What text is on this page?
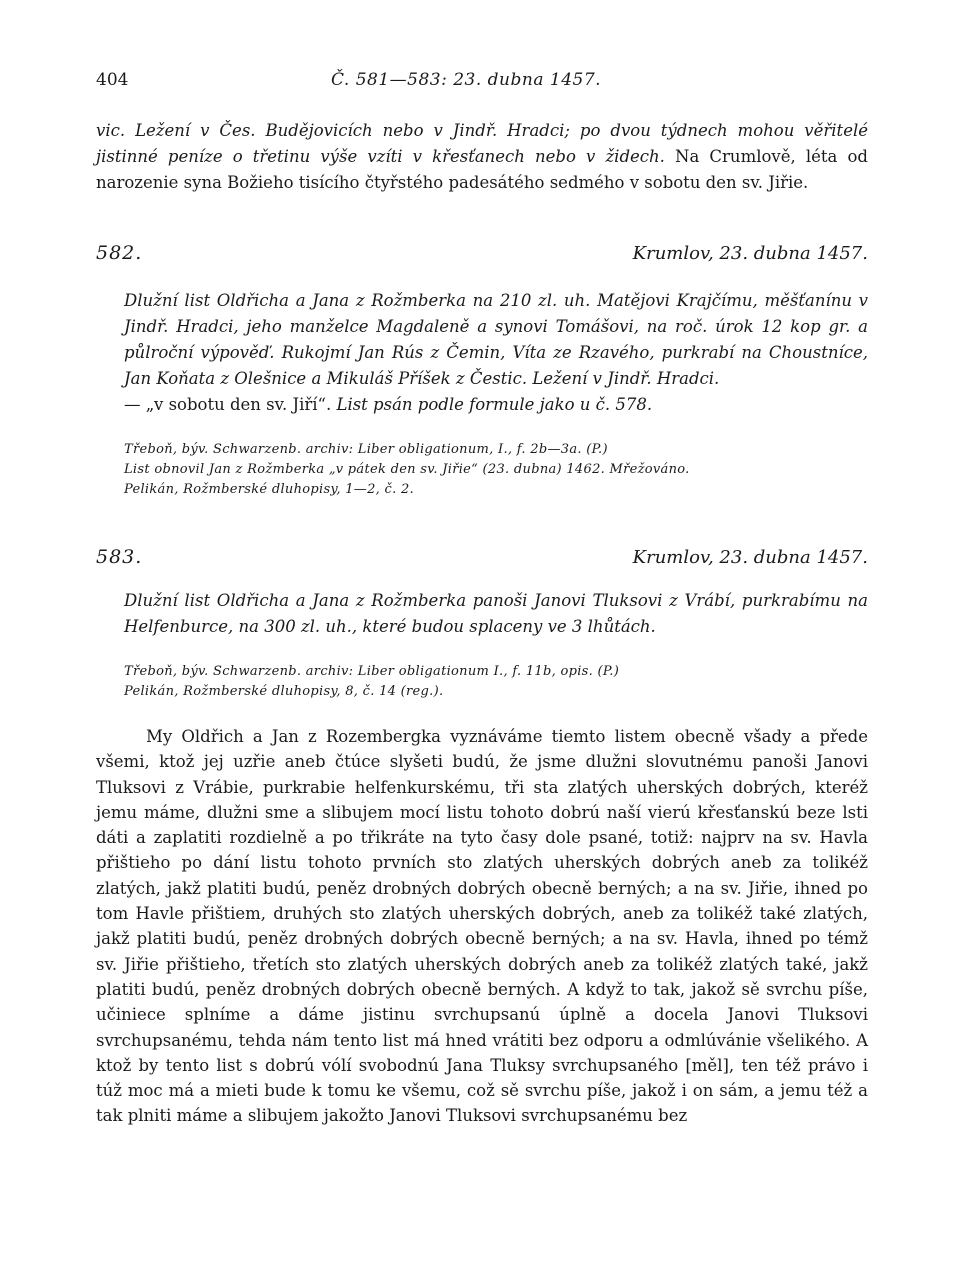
404	Č. 581—583: 23. dubna 1457.
vic. Ležení v Čes. Budějovicích nebo v Jindř. Hradci; po dvou týdnech mohou věřitelé jistinné peníze o třetinu výše vzíti v křesťanech nebo v židech. Na Crumlově, léta od narozenie syna Božieho tisícího čtyřstého padesátého sedmého v sobotu den sv. Jiřie.
582.	Krumlov, 23. dubna 1457.
Dlužní list Oldřicha a Jana z Rožmberka na 210 zl. uh. Matějovi Krajčímu, měšťanínu v Jindř. Hradci, jeho manželce Magdaleně a synovi Tomášovi, na roč. úrok 12 kop gr. a půlroční výpověď. Rukojmí Jan Rús z Čemin, Víta ze Rzavého, purkrabí na Choustníce, Jan Koňata z Olešnice a Mikuláš Příšek z Čestic. Ležení v Jindř. Hradci.
— „v sobotu den sv. Jiří“. List psán podle formule jako u č. 578.
Třeboň, býv. Schwarzenb. archiv: Liber obligationum, I., f. 2b—3a. (P.)
List obnovil Jan z Rožmberka „v pátek den sv. Jiřie“ (23. dubna) 1462. Mřežováno.
Pelikán, Rožmberské dluhopisy, 1—2, č. 2.
583.	Krumlov, 23. dubna 1457.
Dlužní list Oldřicha a Jana z Rožmberka panoši Janovi Tluksovi z Vrábí, purkrabímu na Helfenburce, na 300 zl. uh., které budou splaceny ve 3 lhůtách.
Třeboň, býv. Schwarzenb. archiv: Liber obligationum I., f. 11b, opis. (P.)
Pelikán, Rožmberské dluhopisy, 8, č. 14 (reg.).

My Oldřich a Jan z Rozembergka vyznáváme tiemto listem obecně všady a přede všemi, ktož jej uzřie aneb čtúce slyšeti budú, že jsme dlužni slovutnému panoši Janovi Tluksovi z Vrábie, purkrabie helfenkurskému, tři sta zlatých uherských dobrých, kteréž jemu máme, dlužni sme a slibujem mocí listu tohoto dobrú naší vierú křesťanskú beze lsti dáti a zaplatiti rozdielně a po třikráte na tyto časy dole psané, totiž: najprv na sv. Havla přištieho po dání listu tohoto prvních sto zlatých uherských dobrých aneb za tolikéž zlatých, jakž platiti budú, peněz drobných dobrých obecně berných; a na sv. Jiřie, ihned po tom Havle přištiem, druhých sto zlatých uherských dobrých, aneb za tolikéž také zlatých, jakž platiti budú, peněz drobných dobrých obecně berných; a na sv. Havla, ihned po témž sv. Jiřie přištieho, třetích sto zlatých uherských dobrých aneb za tolikéž zlatých také, jakž platiti budú, peněz drobných dobrých obecně berných. A když to tak, jakož sě svrchu píše, učiniece splníme a dáme jistinu svrchupsanú úplně a docela Janovi Tluksovi svrchupsanému, tehda nám tento list má hned vrátiti bez odporu a odmlúvánie všelikého. A ktož by tento list s dobrú vólí svobodnú Jana Tluksy svrchupsaného [měl], ten též právo i túž moc má a mieti bude k tomu ke všemu, což sě svrchu píše, jakož i on sám, a jemu též a tak plniti máme a slibujem jakožto Janovi Tluksovi svrchupsanému bez
